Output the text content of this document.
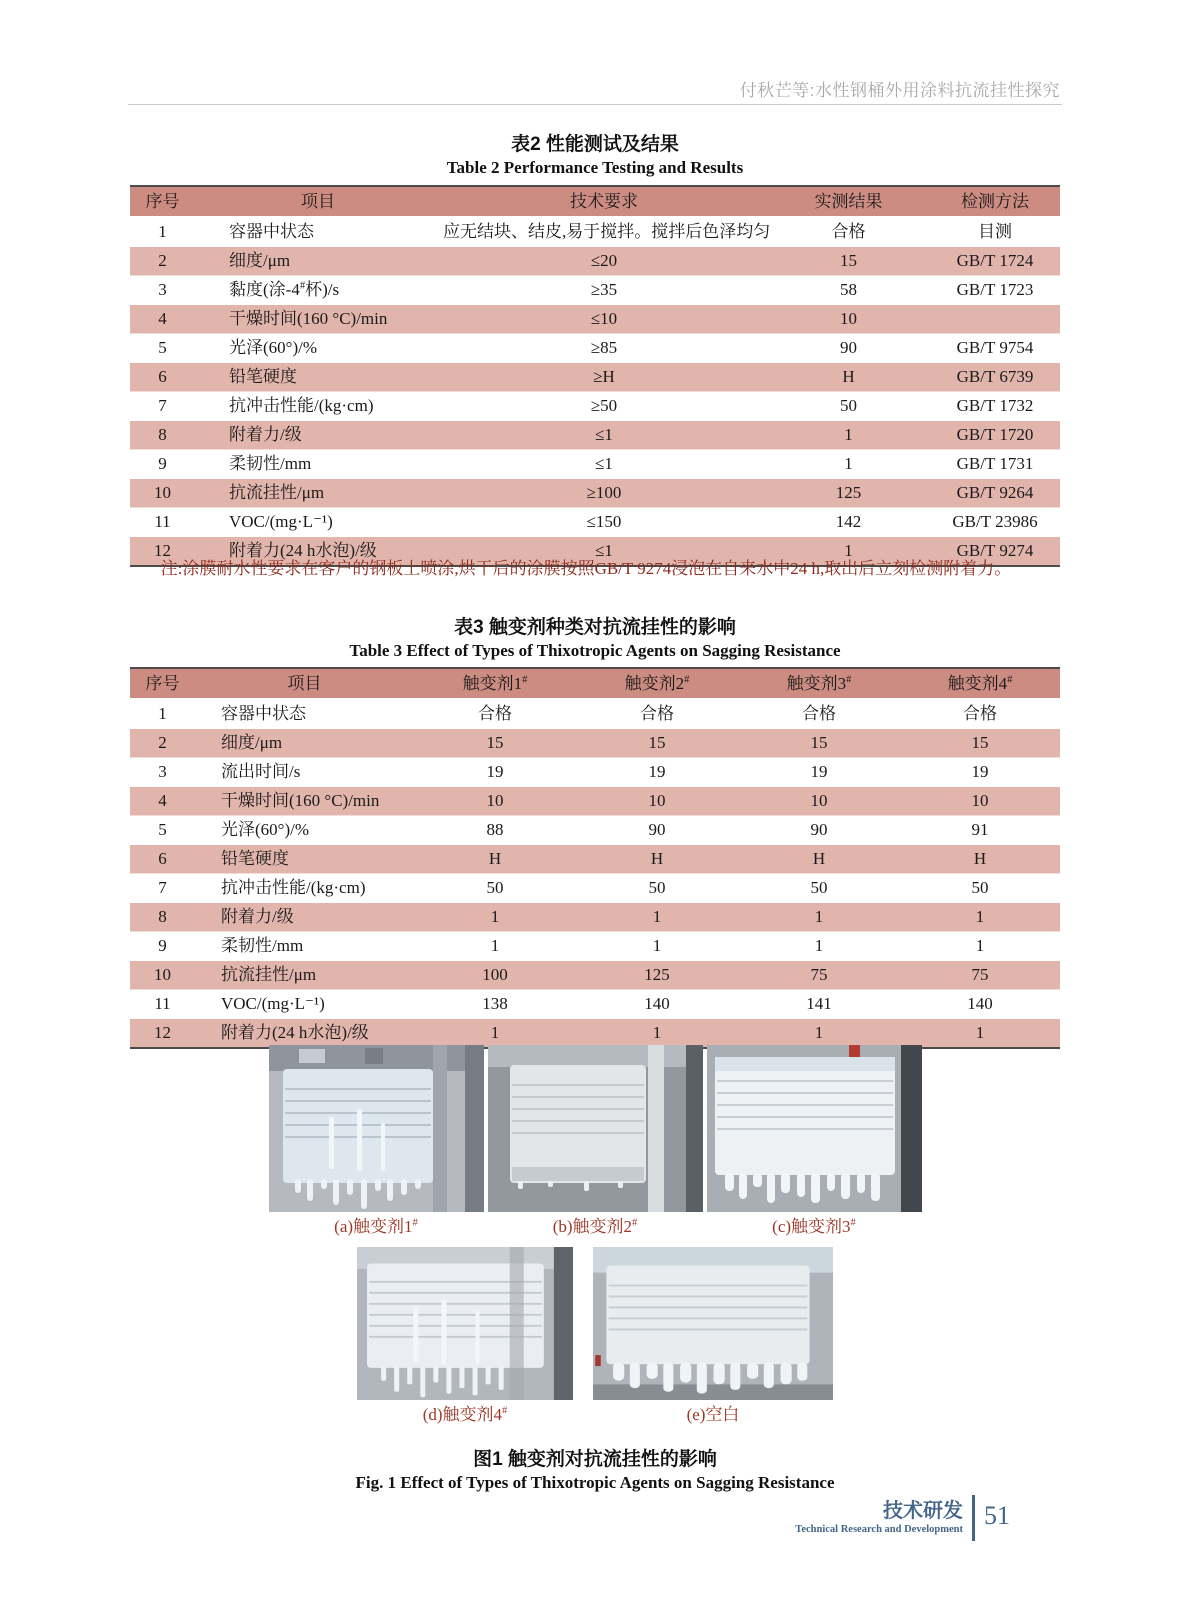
付秋芒等:水性钢桶外用涂料抗流挂性探究
表2 性能测试及结果
Table 2 Performance Testing and Results
序号	项目	技术要求	实测结果	检测方法
1	容器中状态	应无结块、结皮,易于搅拌。搅拌后色泽均匀	合格	目测
2	细度/μm	≤20	15	GB/T 1724
3	黏度(涂-4#杯)/s	≥35	58	GB/T 1723
4	干燥时间(160 °C)/min	≤10	10	
5	光泽(60°)/%	≥85	90	GB/T 9754
6	铅笔硬度	≥H	H	GB/T 6739
7	抗冲击性能/(kg·cm)	≥50	50	GB/T 1732
8	附着力/级	≤1	1	GB/T 1720
9	柔韧性/mm	≤1	1	GB/T 1731
10	抗流挂性/μm	≥100	125	GB/T 9264
11	VOC/(mg·L⁻¹)	≤150	142	GB/T 23986
12	附着力(24 h水泡)/级	≤1	1	GB/T 9274

注:涂膜耐水性要求在客户的钢板上喷涂,烘干后的涂膜按照GB/T 9274浸泡在自来水中24 h,取出后立刻检测附着力。

表3 触变剂种类对抗流挂性的影响
Table 3 Effect of Types of Thixotropic Agents on Sagging Resistance
序号	项目	触变剂1#	触变剂2#	触变剂3#	触变剂4#
1	容器中状态	合格	合格	合格	合格
2	细度/μm	15	15	15	15
3	流出时间/s	19	19	19	19
4	干燥时间(160 °C)/min	10	10	10	10
5	光泽(60°)/%	88	90	90	91
6	铅笔硬度	H	H	H	H
7	抗冲击性能/(kg·cm)	50	50	50	50
8	附着力/级	1	1	1	1
9	柔韧性/mm	1	1	1	1
10	抗流挂性/μm	100	125	75	75
11	VOC/(mg·L⁻¹)	138	140	141	140
12	附着力(24 h水泡)/级	1	1	1	1
(a)触变剂1#	(b)触变剂2#	(c)触变剂3#
(d)触变剂4#	(e)空白
图1 触变剂对抗流挂性的影响
Fig. 1 Effect of Types of Thixotropic Agents on Sagging Resistance
技术研发
Technical Research and Development 51
